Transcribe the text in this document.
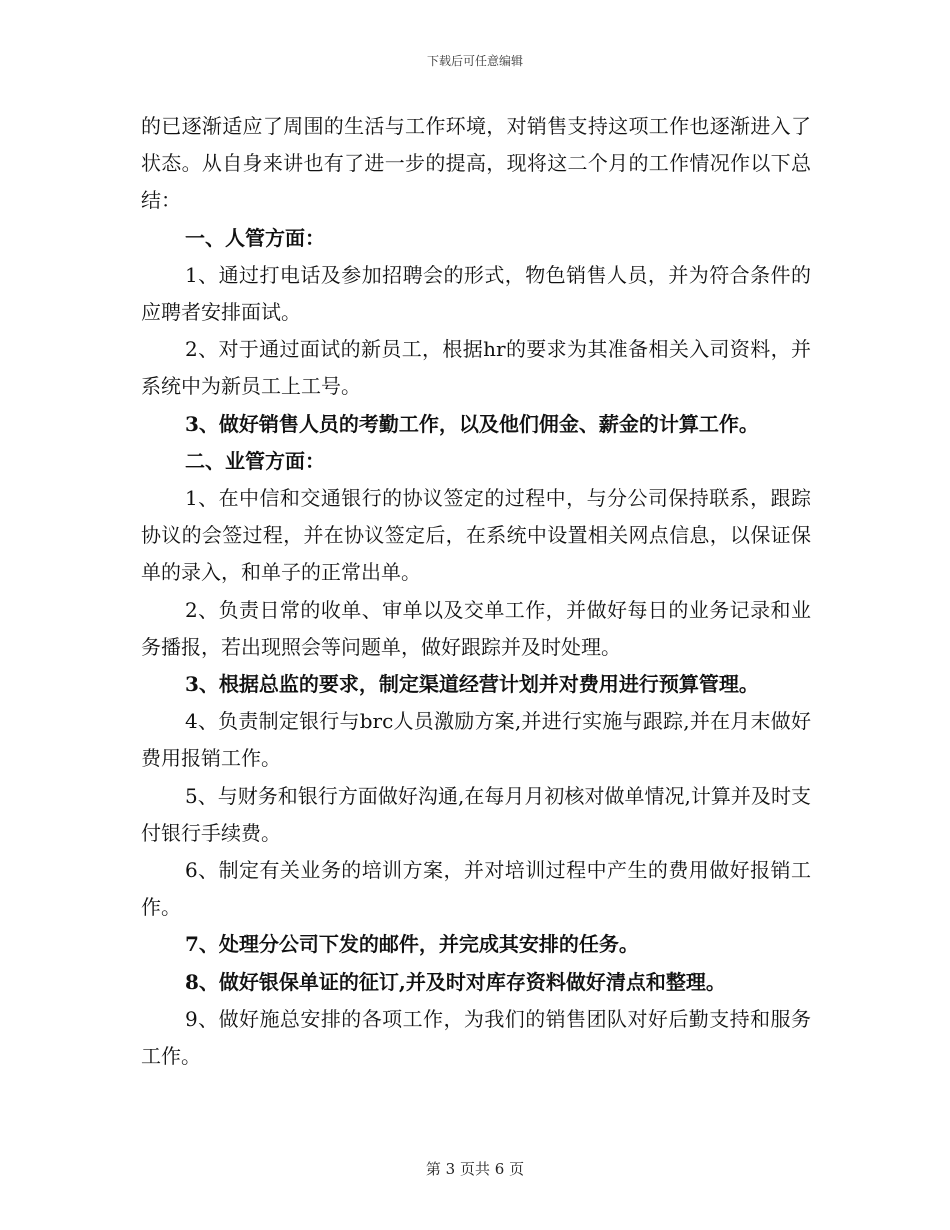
下载后可任意编辑

的已逐渐适应了周围的生活与工作环境，对销售支持这项工作也逐渐进入了状态。从自身来讲也有了进一步的提高，现将这二个月的工作情况作以下总结：

一、人管方面：

1、通过打电话及参加招聘会的形式，物色销售人员，并为符合条件的应聘者安排面试。

2、对于通过面试的新员工，根据hr的要求为其准备相关入司资料，并系统中为新员工上工号。

3、做好销售人员的考勤工作，以及他们佣金、薪金的计算工作。

二、业管方面：

1、在中信和交通银行的协议签定的过程中，与分公司保持联系，跟踪协议的会签过程，并在协议签定后，在系统中设置相关网点信息，以保证保单的录入，和单子的正常出单。

2、负责日常的收单、审单以及交单工作，并做好每日的业务记录和业务播报，若出现照会等问题单，做好跟踪并及时处理。

3、根据总监的要求，制定渠道经营计划并对费用进行预算管理。

4、负责制定银行与brc人员激励方案,并进行实施与跟踪,并在月末做好费用报销工作。

5、与财务和银行方面做好沟通,在每月月初核对做单情况,计算并及时支付银行手续费。

6、制定有关业务的培训方案，并对培训过程中产生的费用做好报销工作。

7、处理分公司下发的邮件，并完成其安排的任务。

8、做好银保单证的征订,并及时对库存资料做好清点和整理。

9、做好施总安排的各项工作，为我们的销售团队对好后勤支持和服务工作。

第 3 页共 6 页
